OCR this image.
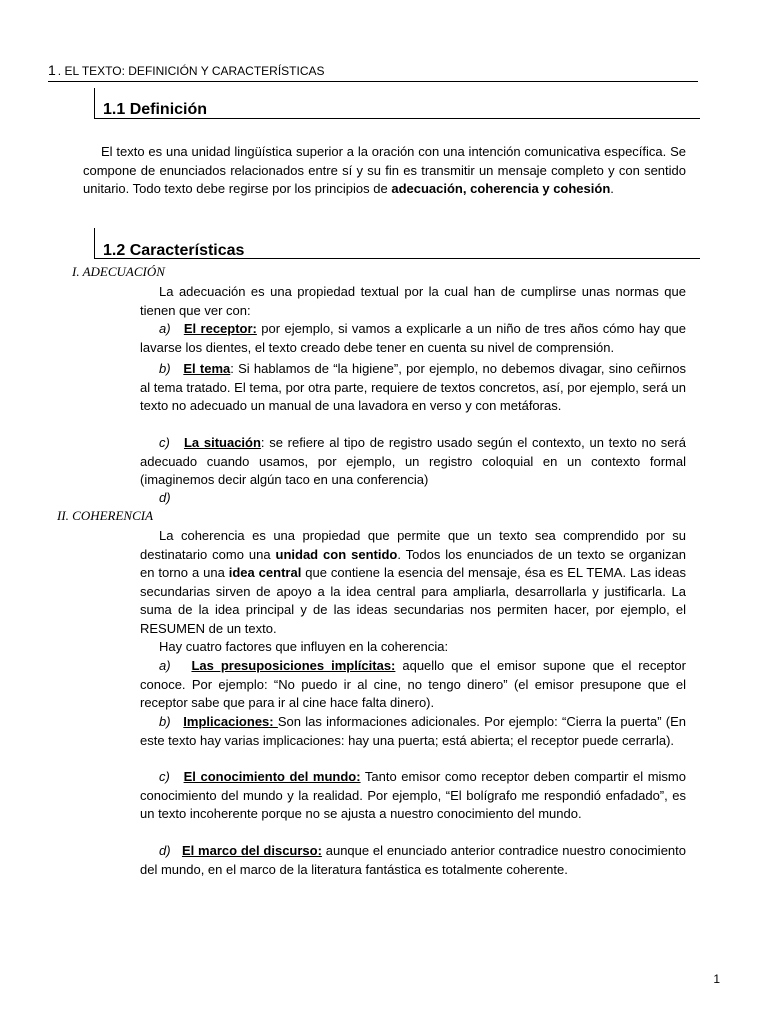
1 . EL TEXTO: DEFINICIÓN Y CARACTERÍSTICAS
1.1 Definición
El texto es una unidad lingüística superior a la oración con una intención comunicativa específica. Se compone de enunciados relacionados entre sí y su fin es transmitir un mensaje completo y con sentido unitario. Todo texto debe regirse por los principios de adecuación, coherencia y cohesión.
1.2 Características
I. ADECUACIÓN
La adecuación es una propiedad textual por la cual han de cumplirse unas normas que tienen que ver con:
a) El receptor: por ejemplo, si vamos a explicarle a un niño de tres años cómo hay que lavarse los dientes, el texto creado debe tener en cuenta su nivel de comprensión.
b) El tema: Si hablamos de “la higiene”, por ejemplo, no debemos divagar, sino ceñirnos al tema tratado. El tema, por otra parte, requiere de textos concretos, así, por ejemplo, será un texto no adecuado un manual de una lavadora en verso y con metáforas.
c) La situación: se refiere al tipo de registro usado según el contexto, un texto no será adecuado cuando usamos, por ejemplo, un registro coloquial en un contexto formal (imaginemos decir algún taco en una conferencia)
d)
II. COHERENCIA
La coherencia es una propiedad que permite que un texto sea comprendido por su destinatario como una unidad con sentido. Todos los enunciados de un texto se organizan en torno a una idea central que contiene la esencia del mensaje, ésa es EL TEMA. Las ideas secundarias sirven de apoyo a la idea central para ampliarla, desarrollarla y justificarla. La suma de la idea principal y de las ideas secundarias nos permiten hacer, por ejemplo, el RESUMEN de un texto.
Hay cuatro factores que influyen en la coherencia:
a) Las presuposiciones implícitas: aquello que el emisor supone que el receptor conoce. Por ejemplo: “No puedo ir al cine, no tengo dinero” (el emisor presupone que el receptor sabe que para ir al cine hace falta dinero).
b) Implicaciones: Son las informaciones adicionales. Por ejemplo: “Cierra la puerta” (En este texto hay varias implicaciones: hay una puerta; está abierta; el receptor puede cerrarla).
c) El conocimiento del mundo: Tanto emisor como receptor deben compartir el mismo conocimiento del mundo y la realidad. Por ejemplo, “El bolígrafo me respondió enfadado”, es un texto incoherente porque no se ajusta a nuestro conocimiento del mundo.
d) El marco del discurso: aunque el enunciado anterior contradice nuestro conocimiento del mundo, en el marco de la literatura fantástica es totalmente coherente.
1
